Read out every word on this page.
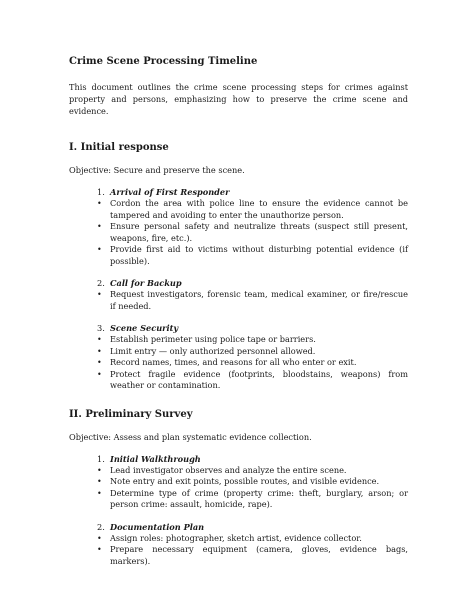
Crime Scene Processing Timeline
This document outlines the crime scene processing steps for crimes against property and persons, emphasizing how to preserve the crime scene and evidence.
I. Initial response
Objective: Secure and preserve the scene.
1. Arrival of First Responder
•	Cordon the area with police line to ensure the evidence cannot be tampered and avoiding to enter the unauthorize person.
•	Ensure personal safety and neutralize threats (suspect still present, weapons, fire, etc.).
•	Provide first aid to victims without disturbing potential evidence (if possible).
2. Call for Backup
•	Request investigators, forensic team, medical examiner, or fire/rescue if needed.
3. Scene Security
•	Establish perimeter using police tape or barriers.
•	Limit entry — only authorized personnel allowed.
•	Record names, times, and reasons for all who enter or exit.
•	Protect fragile evidence (footprints, bloodstains, weapons) from weather or contamination.
II. Preliminary Survey
Objective: Assess and plan systematic evidence collection.
1. Initial Walkthrough
•	Lead investigator observes and analyze the entire scene.
•	Note entry and exit points, possible routes, and visible evidence.
•	Determine type of crime (property crime: theft, burglary, arson; or person crime: assault, homicide, rape).
2. Documentation Plan
•	Assign roles: photographer, sketch artist, evidence collector.
•	Prepare necessary equipment (camera, gloves, evidence bags, markers).
